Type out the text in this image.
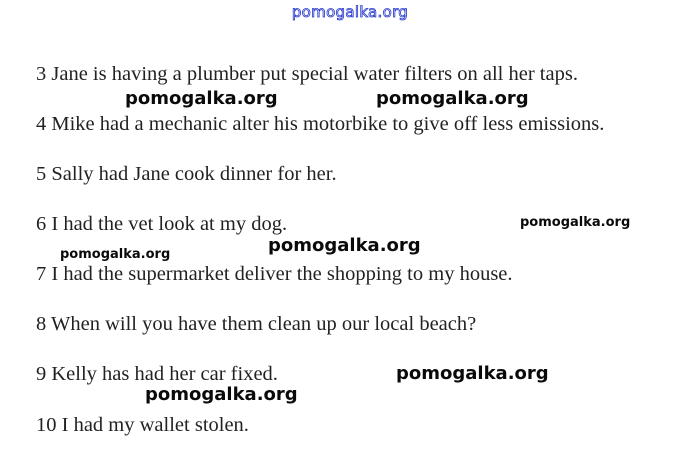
pomogalka.org
3 Jane is having a plumber put special water filters on all her taps.
4 Mike had a mechanic alter his motorbike to give off less emissions.
5 Sally had Jane cook dinner for her.
6 I had the vet look at my dog.
7 I had the supermarket deliver the shopping to my house.
8 When will you have them clean up our local beach?
9 Kelly has had her car fixed.
10 I had my wallet stolen.
pomogalka.org	pomogalka.org
pomogalka.org
pomogalka.org
pomogalka.org
pomogalka.org
pomogalka.org
